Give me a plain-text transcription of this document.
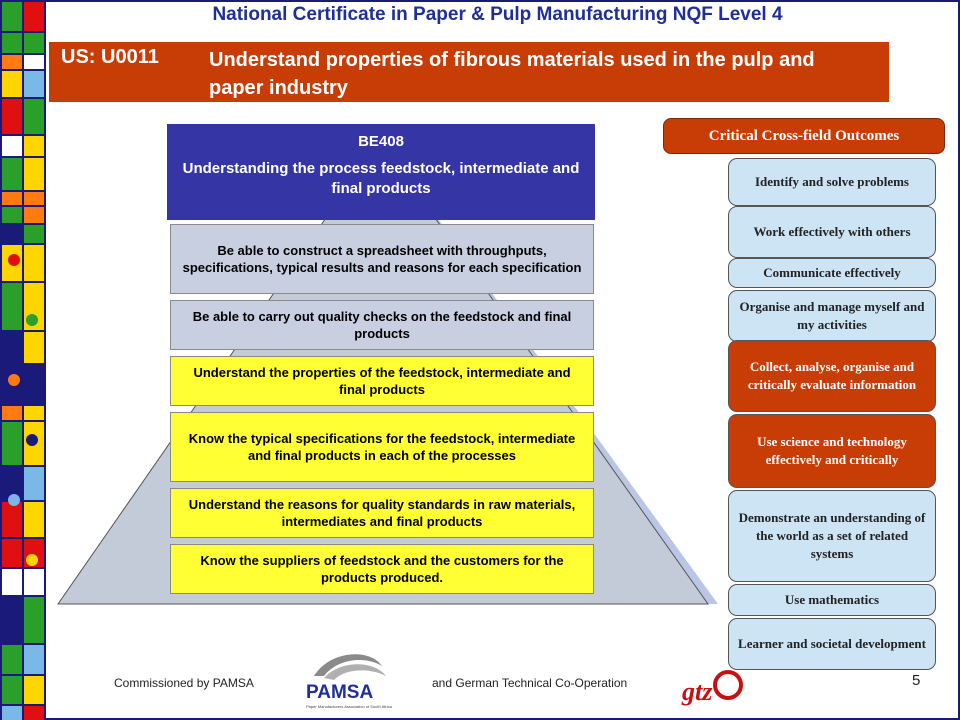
National Certificate in Paper & Pulp Manufacturing NQF Level 4
US: U0011	Understand properties of fibrous materials used in the pulp and paper industry
BE408
Understanding the process feedstock, intermediate and final products
Be able to construct a spreadsheet with throughputs, specifications, typical results and reasons for each specification
Be able to carry out quality checks on the feedstock and final products
Understand the properties of the feedstock, intermediate and final products
Know the typical specifications for the feedstock, intermediate and final products in each of the processes
Understand the reasons for quality standards in raw materials, intermediates and final products
Know the suppliers of feedstock and the customers for the products produced.
Critical Cross-field Outcomes
Identify and solve problems
Work effectively with others
Communicate effectively
Organise and manage myself and my activities
Collect, analyse, organise and critically evaluate information
Use science and technology effectively and critically
Demonstrate an understanding of the world as a set of related systems
Use mathematics
Learner and societal development
Commissioned by PAMSA	PAMSA
Paper Manufacturers Association of South Africa
and German Technical Co-Operation gtz	5
